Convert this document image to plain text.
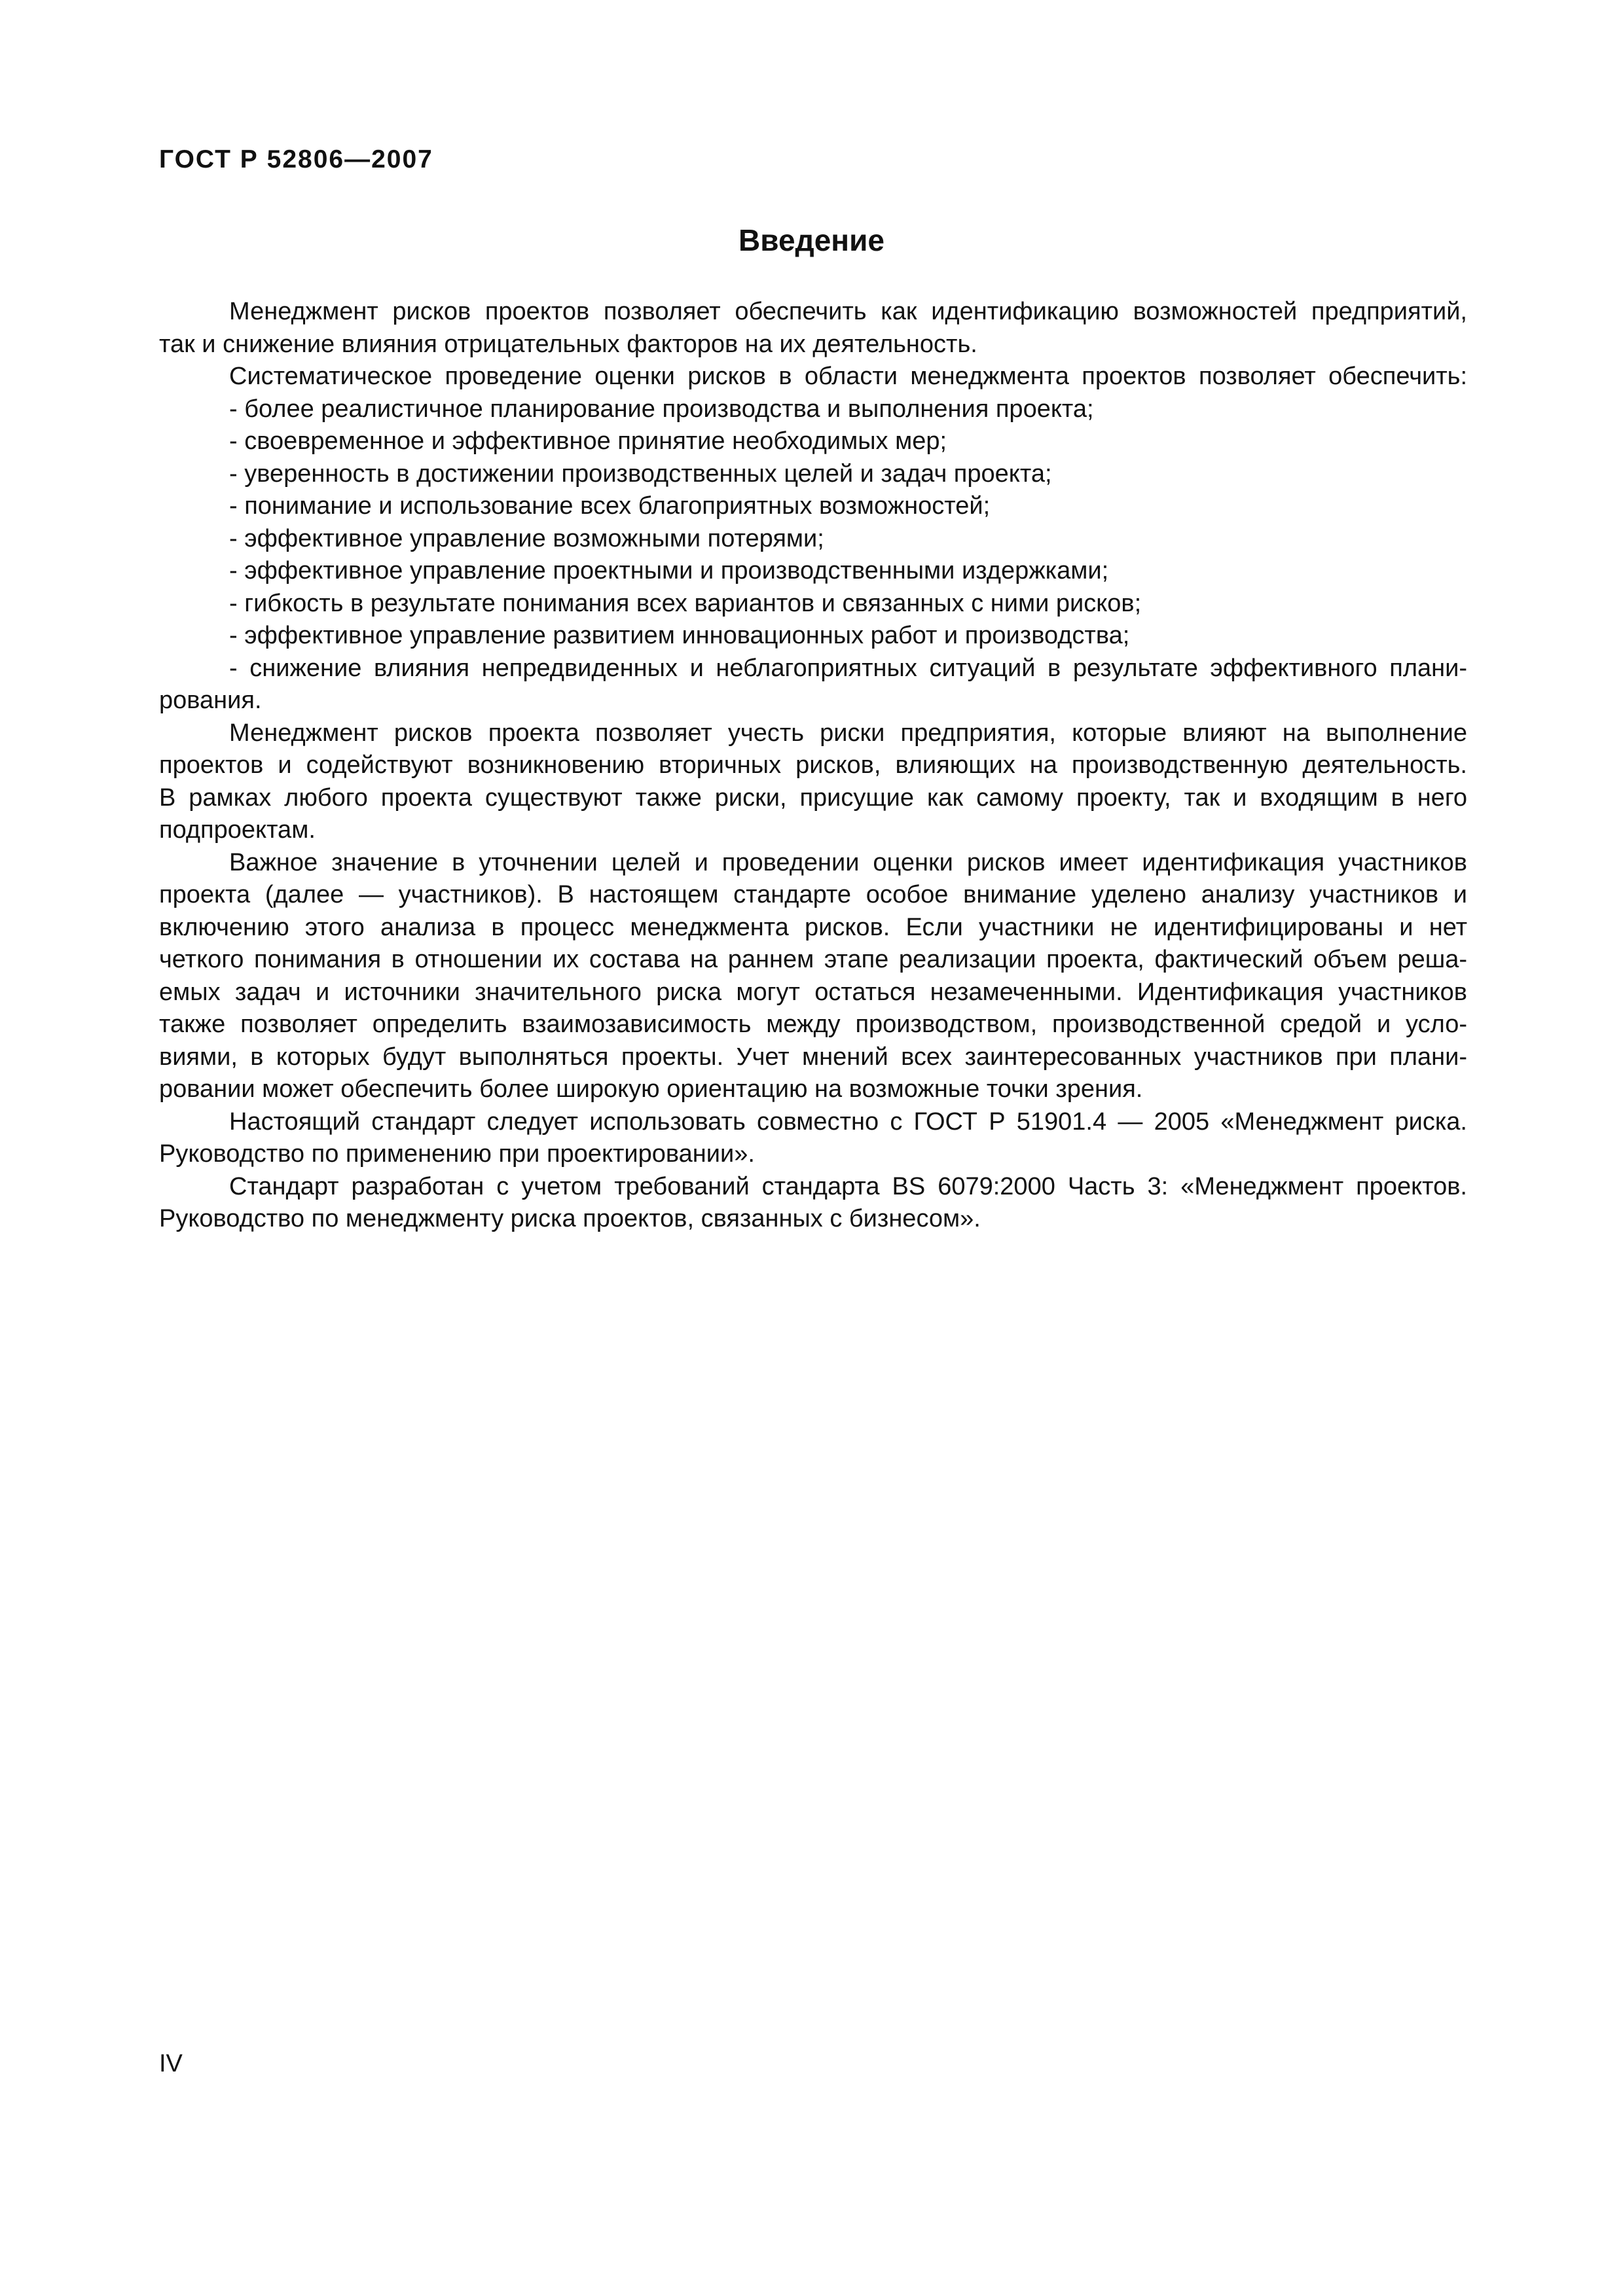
ГОСТ Р 52806—2007
Введение
Менеджмент рисков проектов позволяет обеспечить как идентификацию возможностей предприятий,
так и снижение влияния отрицательных факторов на их деятельность.
Систематическое проведение оценки рисков в области менеджмента проектов позволяет обеспечить:
- более реалистичное планирование производства и выполнения проекта;
- своевременное и эффективное принятие необходимых мер;
- уверенность в достижении производственных целей и задач проекта;
- понимание и использование всех благоприятных возможностей;
- эффективное управление возможными потерями;
- эффективное управление проектными и производственными издержками;
- гибкость в результате понимания всех вариантов и связанных с ними рисков;
- эффективное управление развитием инновационных работ и производства;
- снижение влияния непредвиденных и неблагоприятных ситуаций в результате эффективного плани-
рования.
Менеджмент рисков проекта позволяет учесть риски предприятия, которые влияют на выполнение
проектов и содействуют возникновению вторичных рисков, влияющих на производственную деятельность.
В рамках любого проекта существуют также риски, присущие как самому проекту, так и входящим в него
подпроектам.
Важное значение в уточнении целей и проведении оценки рисков имеет идентификация участников
проекта (далее — участников). В настоящем стандарте особое внимание уделено анализу участников и
включению этого анализа в процесс менеджмента рисков. Если участники не идентифицированы и нет
четкого понимания в отношении их состава на раннем этапе реализации проекта, фактический объем реша-
емых задач и источники значительного риска могут остаться незамеченными. Идентификация участников
также позволяет определить взаимозависимость между производством, производственной средой и усло-
виями, в которых будут выполняться проекты. Учет мнений всех заинтересованных участников при плани-
ровании может обеспечить более широкую ориентацию на возможные точки зрения.
Настоящий стандарт следует использовать совместно с ГОСТ Р 51901.4 — 2005 «Менеджмент риска.
Руководство по применению при проектировании».
Стандарт разработан с учетом требований стандарта BS 6079:2000 Часть 3: «Менеджмент проектов.
Руководство по менеджменту риска проектов, связанных с бизнесом».
IV
